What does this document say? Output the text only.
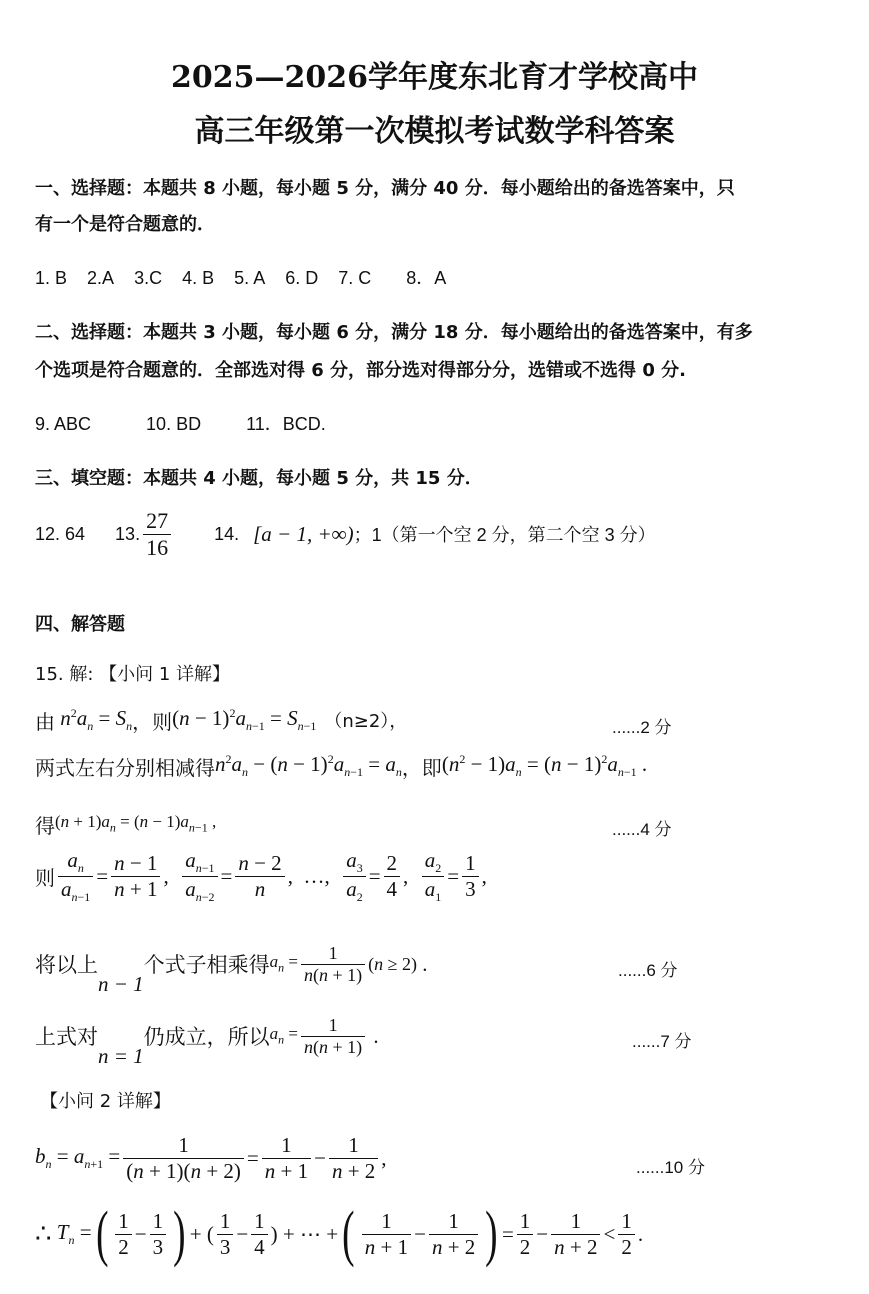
2025—2026学年度东北育才学校高中
高三年级第一次模拟考试数学科答案
一、选择题：本题共 8 小题，每小题 5 分，满分 40 分．每小题给出的备选答案中，只
有一个是符合题意的．
1. B 2.A 3.C 4. B 5. A 6. D 7. C 8．A
二、选择题：本题共 3 小题，每小题 6 分，满分 18 分．每小题给出的备选答案中，有多
个选项是符合题意的．全部选对得 6 分，部分选对得部分分，选错或不选得 0 分.
9. ABC	10. BD	11．BCD.
三、填空题：本题共 4 小题，每小题 5 分，共 15 分．
12. 64 13. $\frac{27}{16} 14$. [a − 1, +∞) ；1（第一个空 2 分，第二个空 3 分）
四、解答题
15. 解: 【小问 1 详解】
由 $n^2a_n = S_n$ ，则 $(n - 1)^2a_{n-1} = S_{n-1}$ （n≥2），	......2 分
两式左右分别相减得 $n^2a_n - (n - 1)^2a_{n-1} = a_n$ ，即 $(n^2 - 1)a_n = (n - 1)^2a_{n-1}$ .
得 $(n + 1)a_n = (n - 1)a_{n-1}$ ,	......4 分
则 $\frac{a_n}{a_{n-1}} = \frac{n - 1}{n + 1}$ , $\frac{a_{n-1}}{a_{n-2}} = \frac{n - 2}{n}$ ,  …, $\frac{a_3}{a_2} = \frac{2}{4}$ , $\frac{a_2}{a_1} = \frac{1}{3}$ ,
将以上
n − 1
个式子相乘得 $a_n = \frac{1}{n(n + 1)} (n \ge 2)$ .	......6 分
上式对
n = 1
仍成立，所以 $a_n = \frac{1}{n(n + 1)}$ .	......7 分
【小问 2 详解】
$b_n = a_{n+1} = \frac{1}{(n + 1)(n + 2)} = \frac{1}{n + 1} - \frac{1}{n + 2}$ ,	......10 分
∴ $T_n$ = ( $\frac{1}{2} - \frac{1}{3}$ ) + ( $\frac{1}{3} - \frac{1}{4}$ ) + ⋯ + ( $\frac{1}{n + 1} - \frac{1}{n + 2}$ ) = $\frac{1}{2} - \frac{1}{n + 2} < \frac{1}{2}$ .
